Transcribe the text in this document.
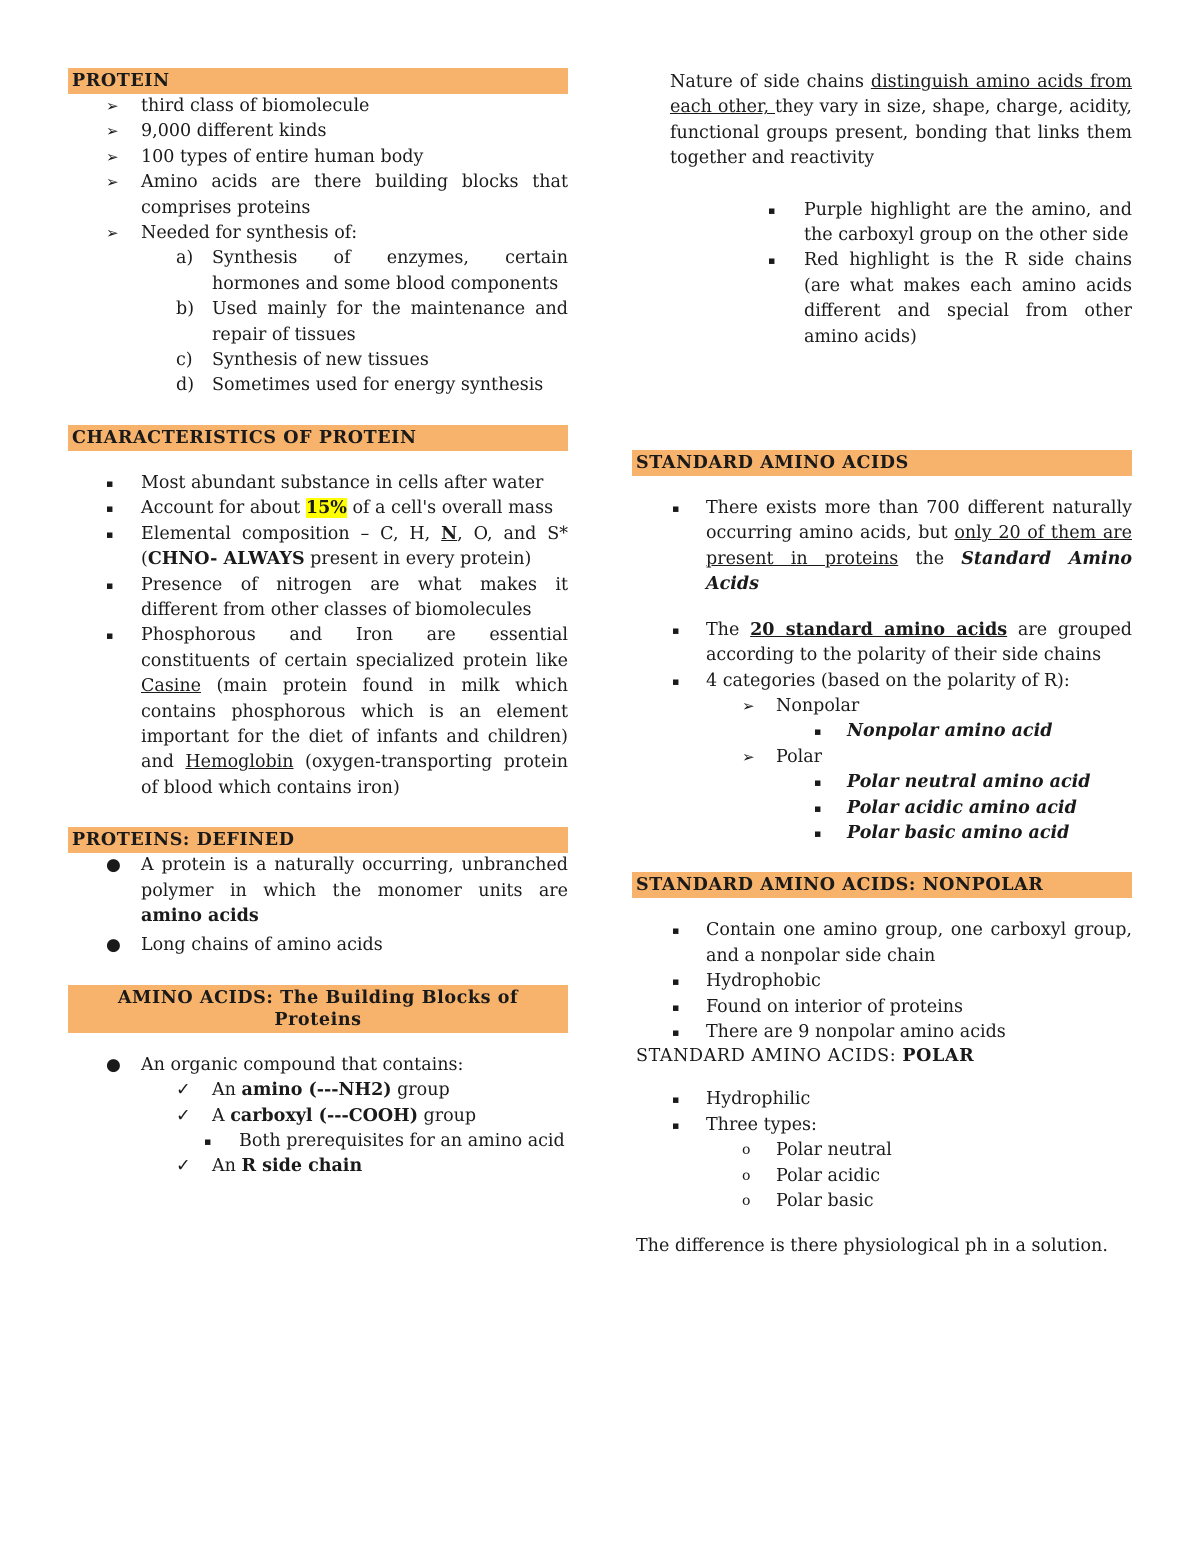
PROTEIN
➢	third class of biomolecule
➢	9,000 different kinds
➢	100 types of entire human body
➢	Amino acids are there building blocks that comprises proteins
➢	Needed for synthesis of:
a)	Synthesis of enzymes, certain hormones and some blood components
b)	Used mainly for the maintenance and repair of tissues
c)	Synthesis of new tissues
d)	Sometimes used for energy synthesis
CHARACTERISTICS OF PROTEIN
▪	Most abundant substance in cells after water
▪	Account for about 15% of a cell's overall mass
▪	Elemental composition – C, H, N, O, and S* (CHNO- ALWAYS present in every protein)
▪	Presence of nitrogen are what makes it different from other classes of biomolecules
▪	Phosphorous and Iron are essential constituents of certain specialized protein like Casine (main protein found in milk which contains phosphorous which is an element important for the diet of infants and children) and Hemoglobin (oxygen-transporting protein of blood which contains iron)
PROTEINS: DEFINED
●	A protein is a naturally occurring, unbranched polymer in which the monomer units are amino acids
●	Long chains of amino acids
AMINO ACIDS: The Building Blocks of Proteins
●	An organic compound that contains:
✓	An amino (---NH2) group
✓	A carboxyl (---COOH) group
▪	Both prerequisites for an amino acid
✓	An R side chain

Nature of side chains distinguish amino acids from each other, they vary in size, shape, charge, acidity, functional groups present, bonding that links them together and reactivity

▪	Purple highlight are the amino, and the carboxyl group on the other side
▪	Red highlight is the R side chains (are what makes each amino acids different and special from other amino acids)
STANDARD AMINO ACIDS
▪	There exists more than 700 different naturally occurring amino acids, but only 20 of them are present in proteins the Standard Amino Acids
▪	The 20 standard amino acids are grouped according to the polarity of their side chains
▪	4 categories (based on the polarity of R):
➢	Nonpolar
▪	Nonpolar amino acid
➢	Polar
▪	Polar neutral amino acid
▪	Polar acidic amino acid
▪	Polar basic amino acid
STANDARD AMINO ACIDS: NONPOLAR
▪	Contain one amino group, one carboxyl group, and a nonpolar side chain
▪	Hydrophobic
▪	Found on interior of proteins
▪	There are 9 nonpolar amino acids
STANDARD AMINO ACIDS: POLAR
▪	Hydrophilic
▪	Three types:
o	Polar neutral
o	Polar acidic
o	Polar basic

The difference is there physiological ph in a solution.
